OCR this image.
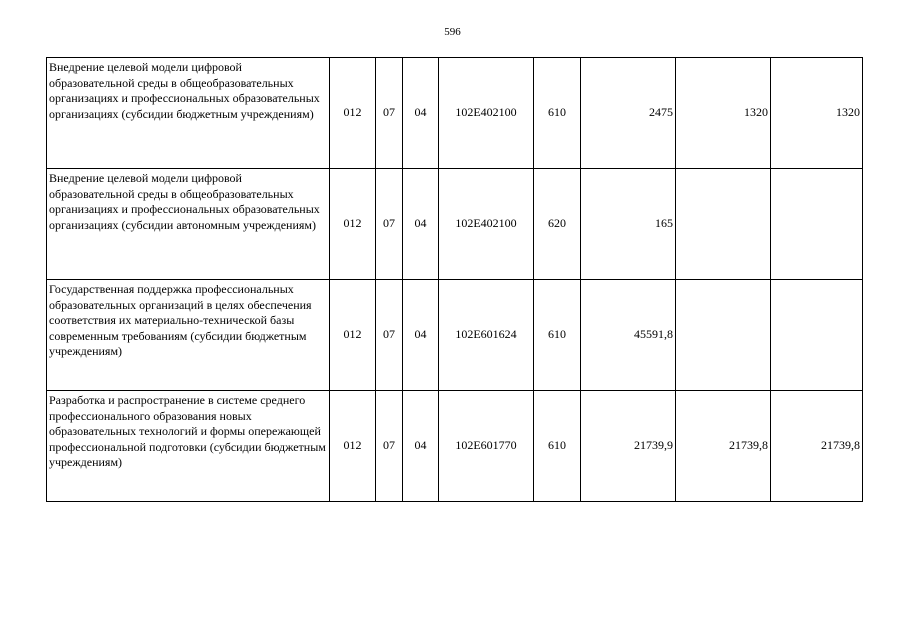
596
Внедрение целевой модели цифровой образовательной среды в общеобразовательных организациях и профессиональных образовательных организациях (субсидии бюджетным учреждениям)	012	07	04	102Е402100	610	2475	1320	1320
Внедрение целевой модели цифровой образовательной среды в общеобразовательных организациях и профессиональных образовательных организациях (субсидии автономным учреждениям)	012	07	04	102Е402100	620	165		
Государственная поддержка профессиональных образовательных организаций в целях обеспечения соответствия их материально-технической базы современным требованиям (субсидии бюджетным учреждениям)	012	07	04	102Е601624	610	45591,8		
Разработка и распространение в системе среднего профессионального образования новых образовательных технологий и формы опережающей профессиональной подготовки (субсидии бюджетным учреждениям)	012	07	04	102Е601770	610	21739,9	21739,8	21739,8
